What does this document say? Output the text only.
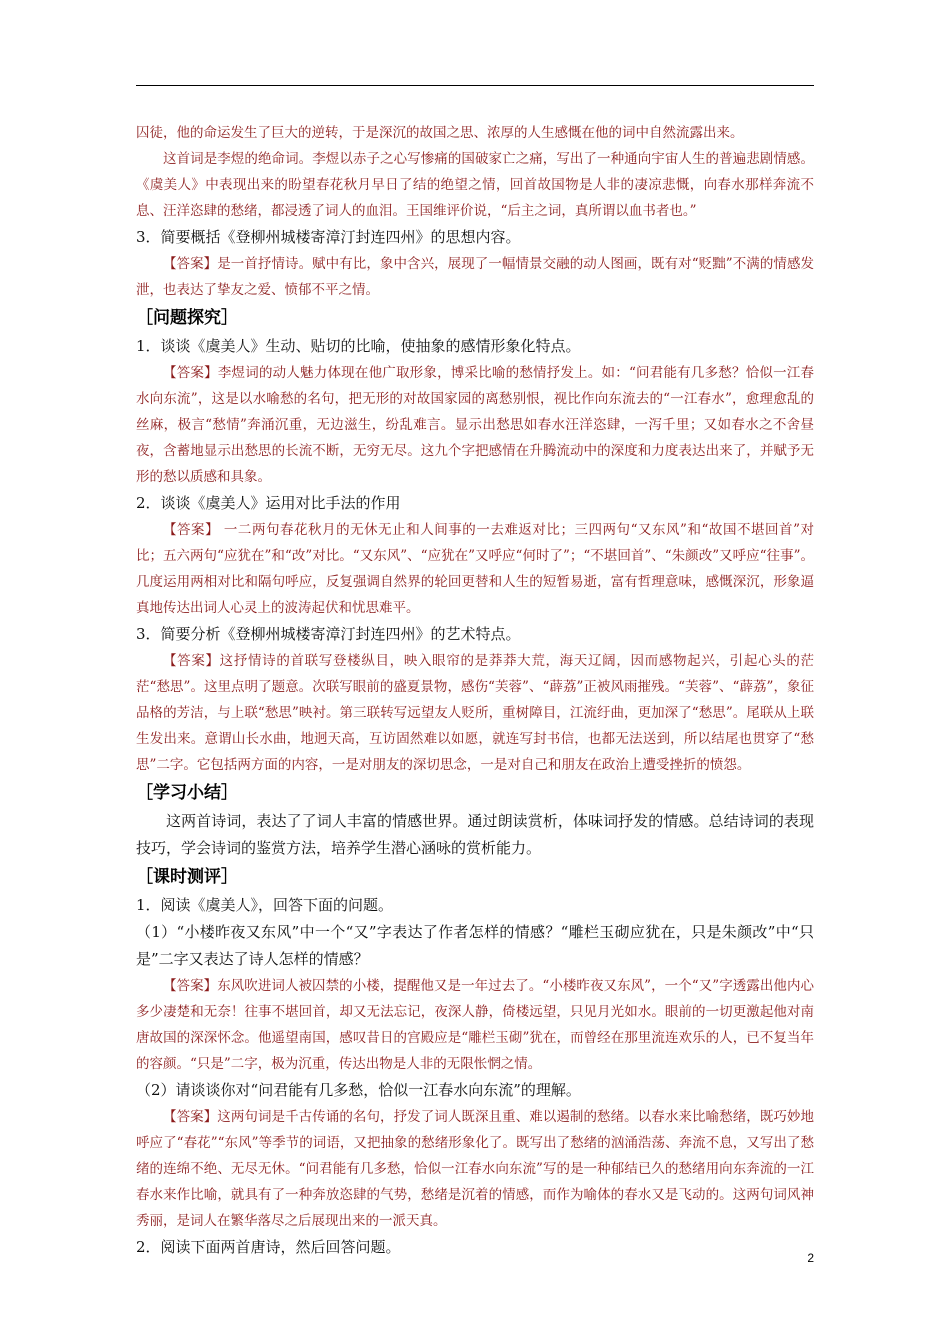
囚徒，他的命运发生了巨大的逆转，于是深沉的故国之思、浓厚的人生感慨在他的词中自然流露出来。

这首词是李煜的绝命词。李煜以赤子之心写惨痛的国破家亡之痛，写出了一种通向宇宙人生的普遍悲剧情感。《虞美人》中表现出来的盼望春花秋月早日了结的绝望之情，回首故国物是人非的凄凉悲慨，向春水那样奔流不息、汪洋恣肆的愁绪，都浸透了词人的血泪。王国维评价说，“后主之词，真所谓以血书者也。”

3．简要概括《登柳州城楼寄漳汀封连四州》的思想内容。

【答案】是一首抒情诗。赋中有比，象中含兴，展现了一幅情景交融的动人图画，既有对“贬黜”不满的情感发泄，也表达了挚友之爱、愤郁不平之情。

［问题探究］

1．谈谈《虞美人》生动、贴切的比喻，使抽象的感情形象化特点。

【答案】李煜词的动人魅力体现在他广取形象，博采比喻的愁情抒发上。如：“问君能有几多愁？恰似一江春水向东流”，这是以水喻愁的名句，把无形的对故国家园的离愁别恨，视比作向东流去的“一江春水”，愈理愈乱的丝麻，极言“愁情”奔涌沉重，无边滋生，纷乱难言。显示出愁思如春水汪洋恣肆，一泻千里；又如春水之不舍昼夜，含蓄地显示出愁思的长流不断，无穷无尽。这九个字把感情在升腾流动中的深度和力度表达出来了，并赋予无形的愁以质感和具象。

2．谈谈《虞美人》运用对比手法的作用

【答案】 一二两句春花秋月的无休无止和人间事的一去难返对比；三四两句“又东风”和“故国不堪回首”对比；五六两句“应犹在”和“改”对比。“又东风”、“应犹在”又呼应“何时了”；“不堪回首”、“朱颜改”又呼应“往事”。几度运用两相对比和隔句呼应，反复强调自然界的轮回更替和人生的短暂易逝，富有哲理意味，感慨深沉，形象逼真地传达出词人心灵上的波涛起伏和忧思难平。

3．简要分析《登柳州城楼寄漳汀封连四州》的艺术特点。

【答案】这抒情诗的首联写登楼纵目，映入眼帘的是莽莽大荒，海天辽阔，因而感物起兴，引起心头的茫茫“愁思”。这里点明了题意。次联写眼前的盛夏景物，感伤“芙蓉”、“薜荔”正被风雨摧残。“芙蓉”、“薜荔”，象征品格的芳洁，与上联“愁思”映衬。第三联转写远望友人贬所，重树障目，江流纡曲，更加深了“愁思”。尾联从上联生发出来。意谓山长水曲，地迥天高，互访固然难以如愿，就连写封书信，也都无法送到，所以结尾也贯穿了“愁思”二字。它包括两方面的内容，一是对朋友的深切思念，一是对自己和朋友在政治上遭受挫折的愤怨。

［学习小结］

这两首诗词，表达了了词人丰富的情感世界。通过朗读赏析，体味词抒发的情感。总结诗词的表现技巧，学会诗词的鉴赏方法，培养学生潜心涵咏的赏析能力。

［课时测评］

1．阅读《虞美人》，回答下面的问题。

（1）“小楼昨夜又东风”中一个“又”字表达了作者怎样的情感？“雕栏玉砌应犹在，只是朱颜改”中“只是”二字又表达了诗人怎样的情感？

【答案】东风吹进词人被囚禁的小楼，提醒他又是一年过去了。“小楼昨夜又东风”，一个“又”字透露出他内心多少凄楚和无奈！往事不堪回首，却又无法忘记，夜深人静，倚楼远望，只见月光如水。眼前的一切更激起他对南唐故国的深深怀念。他遥望南国，感叹昔日的宫殿应是“雕栏玉砌”犹在，而曾经在那里流连欢乐的人，已不复当年的容颜。“只是”二字，极为沉重，传达出物是人非的无限怅惘之情。

（2）请谈谈你对“问君能有几多愁，恰似一江春水向东流”的理解。

【答案】这两句词是千古传诵的名句，抒发了词人既深且重、难以遏制的愁绪。以春水来比喻愁绪，既巧妙地呼应了“春花”“东风”等季节的词语，又把抽象的愁绪形象化了。既写出了愁绪的汹涌浩荡、奔流不息，又写出了愁绪的连绵不绝、无尽无休。“问君能有几多愁，恰似一江春水向东流”写的是一种郁结已久的愁绪用向东奔流的一江春水来作比喻，就具有了一种奔放恣肆的气势，愁绪是沉着的情感，而作为喻体的春水又是飞动的。这两句词风神秀丽，是词人在繁华落尽之后展现出来的一派天真。

2．阅读下面两首唐诗，然后回答问题。

2
